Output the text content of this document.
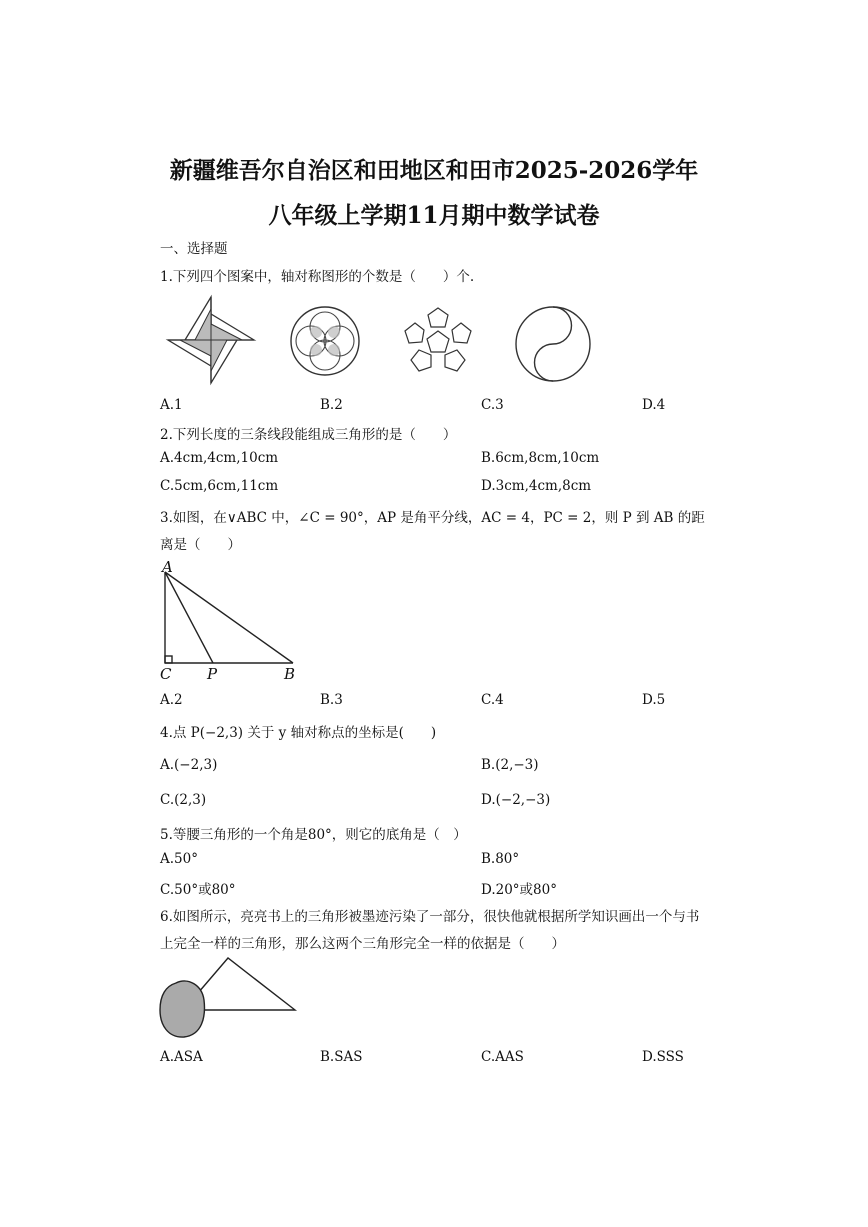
新疆维吾尔自治区和田地区和田市2025-2026学年
八年级上学期11月期中数学试卷
一、选择题
1.下列四个图案中，轴对称图形的个数是（　　）个.
A.1	B.2	C.3	D.4
2.下列长度的三条线段能组成三角形的是（　　）
A.4cm,4cm,10cm	B.6cm,8cm,10cm
C.5cm,6cm,11cm	D.3cm,4cm,8cm
3.如图，在∨ABC 中，∠C = 90°，AP 是角平分线，AC = 4，PC = 2，则 P 到 AB 的距
离是（　　）
A
C P	B
A.2	B.3	C.4	D.5
4.点 P(−2,3) 关于 y 轴对称点的坐标是(　　)
A.(−2,3)	B.(2,−3)
C.(2,3)	D.(−2,−3)
5.等腰三角形的一个角是80°，则它的底角是（　）
A.50°	B.80°
C.50°或80°	D.20°或80°
6.如图所示，亮亮书上的三角形被墨迹污染了一部分，很快他就根据所学知识画出一个与书
上完全一样的三角形，那么这两个三角形完全一样的依据是（　　）
A.ASA	B.SAS	C.AAS	D.SSS
